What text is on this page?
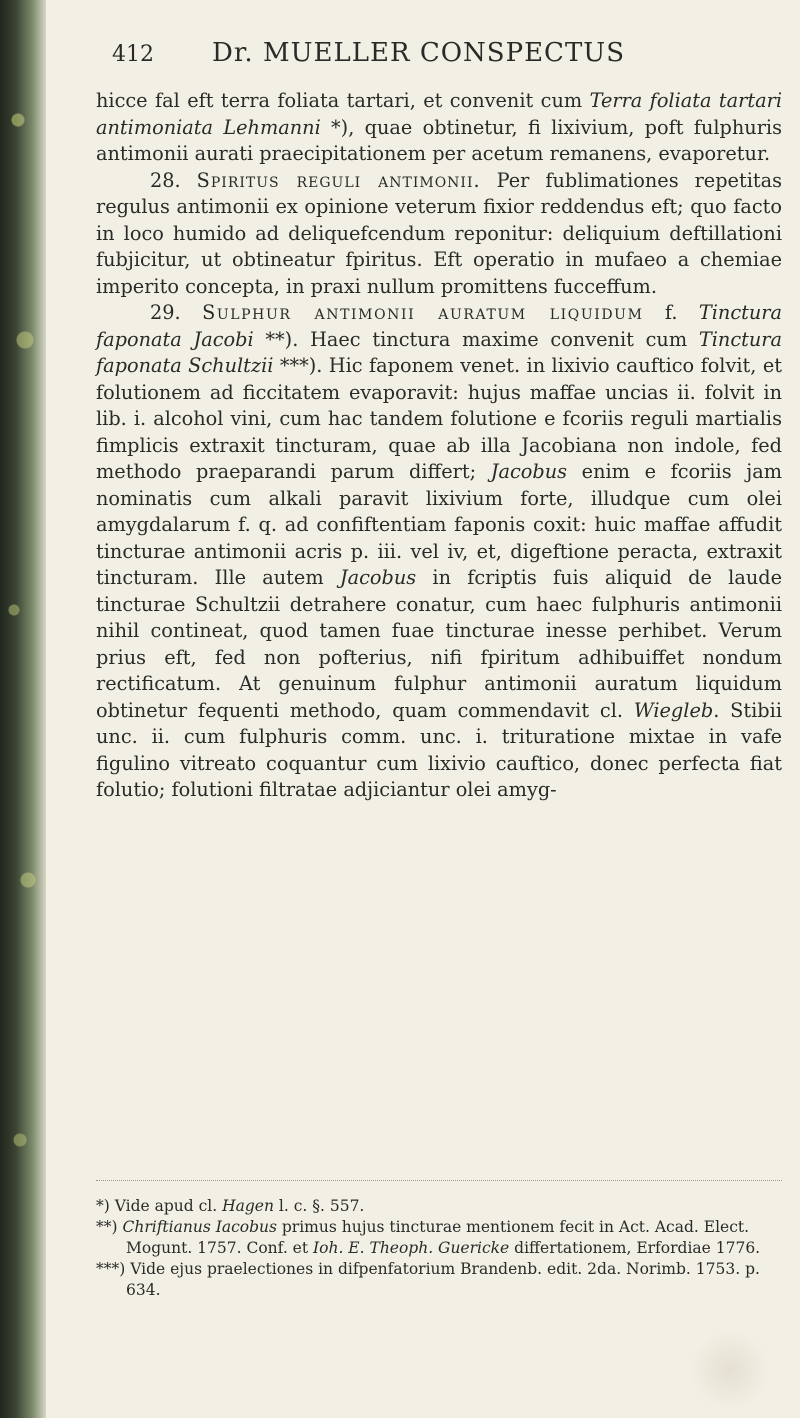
412 Dr. MUELLER CONSPECTUS

hicce fal eft terra foliata tartari, et convenit cum Terra foliata tartari antimoniata Lehmanni *), quae obtinetur, fi lixivium, poft fulphuris antimonii aurati praecipitationem per acetum remanens, evaporetur.

28. Spiritus reguli antimonii. Per fublimationes repetitas regulus antimonii ex opinione veterum fixior reddendus eft; quo facto in loco humido ad deliquefcendum reponitur: deliquium deftillationi fubjicitur, ut obtineatur fpiritus. Eft operatio in mufaeo a chemiae imperito concepta, in praxi nullum promittens fucceffum.

29. Sulphur antimonii auratum liquidum f. Tinctura faponata Jacobi **). Haec tinctura maxime convenit cum Tinctura faponata Schultzii ***). Hic faponem venet. in lixivio cauftico folvit, et folutionem ad ficcitatem evaporavit: hujus maffae uncias ii. folvit in lib. i. alcohol vini, cum hac tandem folutione e fcoriis reguli martialis fimplicis extraxit tincturam, quae ab illa Jacobiana non indole, fed methodo praeparandi parum differt; Jacobus enim e fcoriis jam nominatis cum alkali paravit lixivium forte, illudque cum olei amygdalarum f. q. ad confiftentiam faponis coxit: huic maffae affudit tincturae antimonii acris p. iii. vel iv, et, digeftione peracta, extraxit tincturam. Ille autem Jacobus in fcriptis fuis aliquid de laude tincturae Schultzii detrahere conatur, cum haec fulphuris antimonii nihil contineat, quod tamen fuae tincturae inesse perhibet. Verum prius eft, fed non pofterius, nifi fpiritum adhibuiffet nondum rectificatum. At genuinum fulphur antimonii auratum liquidum obtinetur fequenti methodo, quam commendavit cl. Wiegleb. Stibii unc. ii. cum fulphuris comm. unc. i. trituratione mixtae in vafe figulino vitreato coquantur cum lixivio cauftico, donec perfecta fiat folutio; folutioni filtratae adjiciantur olei amyg-

*) Vide apud cl. Hagen l. c. §. 557.

**) Chriftianus Iacobus primus hujus tincturae mentionem fecit in Act. Acad. Elect. Mogunt. 1757. Conf. et Ioh. E. Theoph. Guericke differtationem, Erfordiae 1776.

***) Vide ejus praelectiones in difpenfatorium Brandenb. edit. 2da. Norimb. 1753. p. 634.
